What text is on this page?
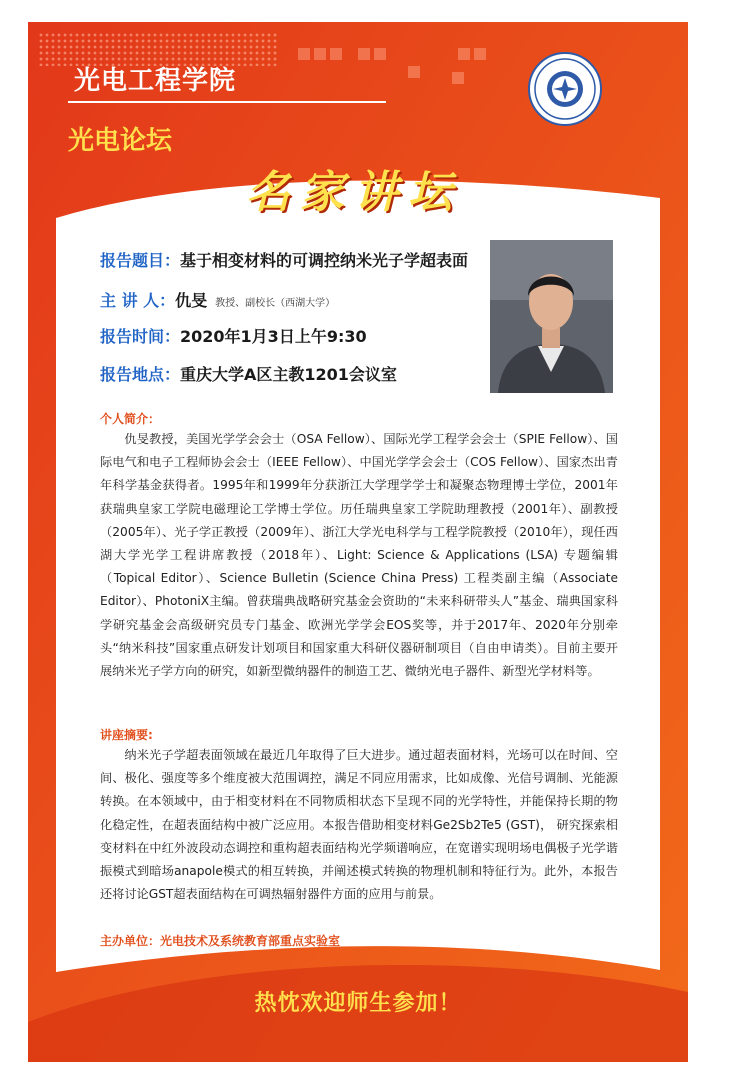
光电工程学院
光电论坛
名家讲坛
报告题目：基于相变材料的可调控纳米光子学超表面
主 讲 人：仇旻 教授、副校长（西湖大学）
报告时间：2020年1月3日上午9:30
报告地点：重庆大学A区主教1201会议室
个人简介：
仇旻教授，美国光学学会会士（OSA Fellow）、国际光学工程学会会士（SPIE Fellow）、国际电气和电子工程师协会会士（IEEE Fellow）、中国光学学会会士（COS Fellow）、国家杰出青年科学基金获得者。1995年和1999年分获浙江大学理学学士和凝聚态物理博士学位，2001年获瑞典皇家工学院电磁理论工学博士学位。历任瑞典皇家工学院助理教授（2001年）、副教授（2005年）、光子学正教授（2009年）、浙江大学光电科学与工程学院教授（2010年），现任西湖大学光学工程讲席教授（2018年）、Light: Science & Applications (LSA) 专题编辑（Topical Editor）、Science Bulletin (Science China Press) 工程类副主编（Associate Editor）、PhotoniX主编。曾获瑞典战略研究基金会资助的“未来科研带头人”基金、瑞典国家科学研究基金会高级研究员专门基金、欧洲光学学会EOS奖等，并于2017年、2020年分别牵头“纳米科技”国家重点研发计划项目和国家重大科研仪器研制项目（自由申请类）。目前主要开展纳米光子学方向的研究，如新型微纳器件的制造工艺、微纳光电子器件、新型光学材料等。
讲座摘要:
纳米光子学超表面领域在最近几年取得了巨大进步。通过超表面材料，光场可以在时间、空间、极化、强度等多个维度被大范围调控，满足不同应用需求，比如成像、光信号调制、光能源转换。在本领域中，由于相变材料在不同物质相状态下呈现不同的光学特性，并能保持长期的物化稳定性，在超表面结构中被广泛应用。本报告借助相变材料Ge2Sb2Te5 (GST)， 研究探索相变材料在中红外波段动态调控和重构超表面结构光学频谱响应，在宽谱实现明场电偶极子光学谐振模式到暗场anapole模式的相互转换，并阐述模式转换的物理机制和特征行为。此外，本报告还将讨论GST超表面结构在可调热辐射器件方面的应用与前景。
主办单位：光电技术及系统教育部重点实验室
热忱欢迎师生参加！
